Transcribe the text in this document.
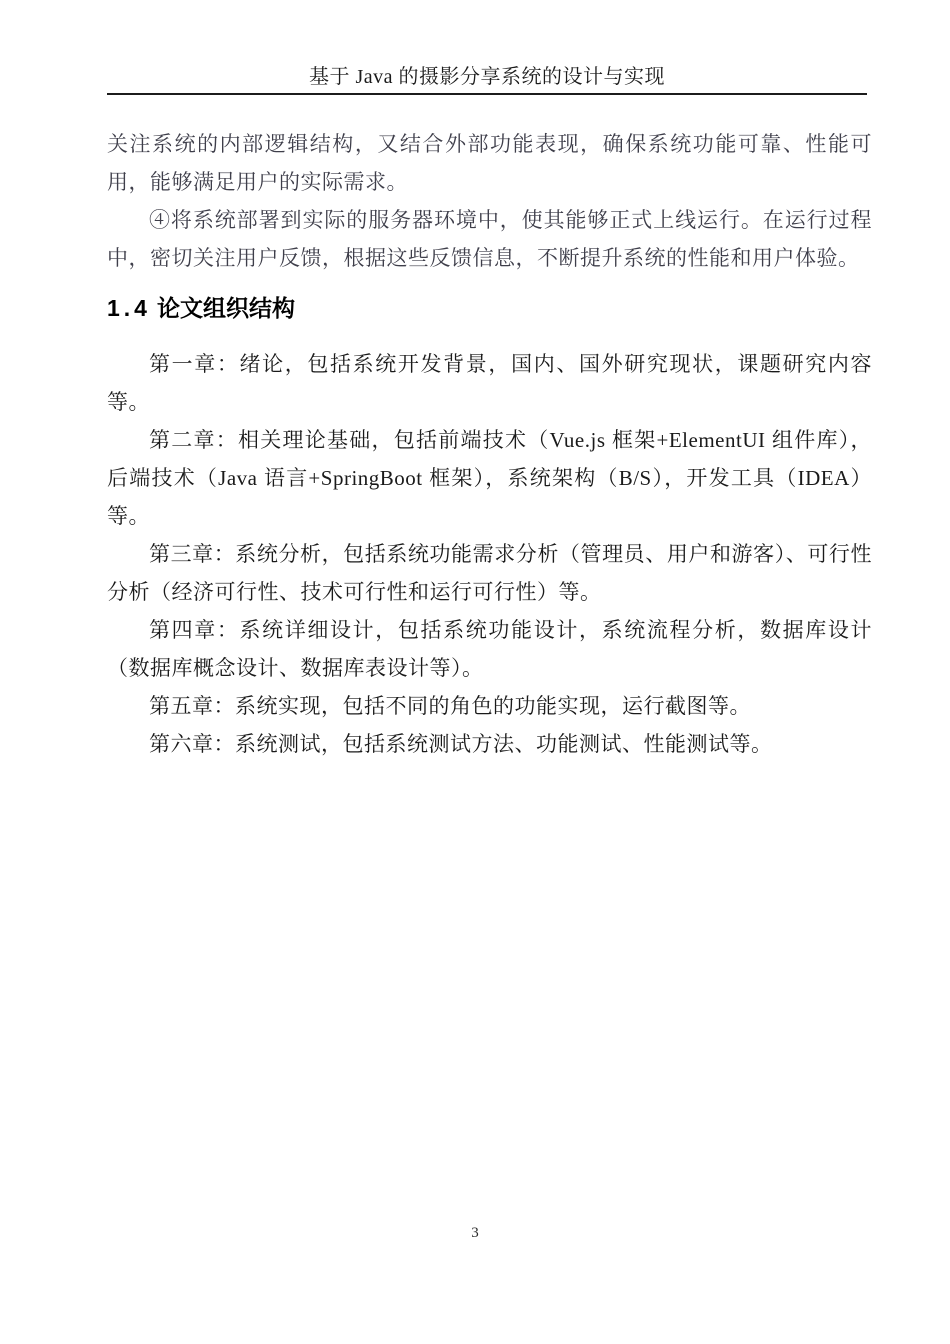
基于 Java 的摄影分享系统的设计与实现

关注系统的内部逻辑结构，又结合外部功能表现，确保系统功能可靠、性能可用，能够满足用户的实际需求。

④将系统部署到实际的服务器环境中，使其能够正式上线运行。在运行过程中，密切关注用户反馈，根据这些反馈信息，不断提升系统的性能和用户体验。

1.4 论文组织结构

第一章：绪论，包括系统开发背景，国内、国外研究现状，课题研究内容等。

第二章：相关理论基础，包括前端技术（Vue.js 框架+ElementUI 组件库），后端技术（Java 语言+SpringBoot 框架），系统架构（B/S），开发工具（IDEA）等。

第三章：系统分析，包括系统功能需求分析（管理员、用户和游客）、可行性分析（经济可行性、技术可行性和运行可行性）等。

第四章：系统详细设计，包括系统功能设计，系统流程分析，数据库设计（数据库概念设计、数据库表设计等）。

第五章：系统实现，包括不同的角色的功能实现，运行截图等。

第六章：系统测试，包括系统测试方法、功能测试、性能测试等。

3
